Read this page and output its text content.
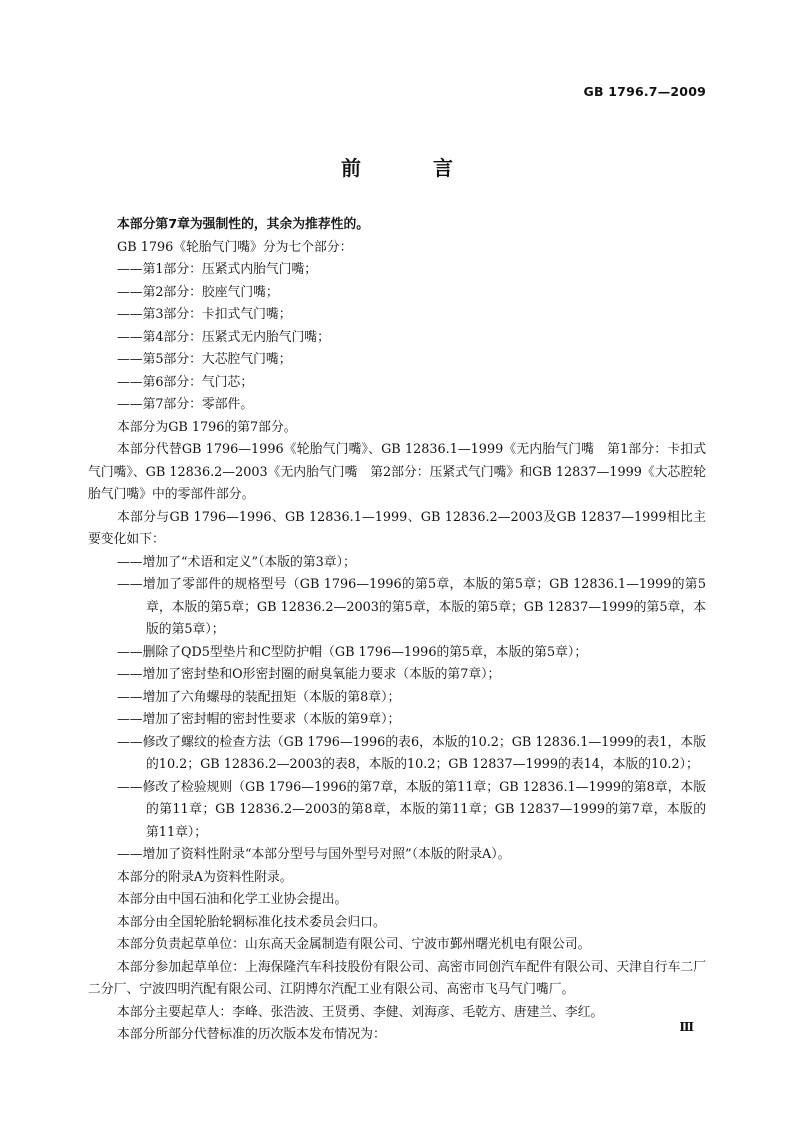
GB 1796.7—2009
前　言

本部分第7章为强制性的，其余为推荐性的。

GB 1796《轮胎气门嘴》分为七个部分：

——第1部分：压紧式内胎气门嘴；

——第2部分：胶座气门嘴；

——第3部分：卡扣式气门嘴；

——第4部分：压紧式无内胎气门嘴；

——第5部分：大芯腔气门嘴；

——第6部分：气门芯；

——第7部分：零部件。

本部分为GB 1796的第7部分。

本部分代替GB 1796—1996《轮胎气门嘴》、GB 12836.1—1999《无内胎气门嘴　第1部分：卡扣式气门嘴》、GB 12836.2—2003《无内胎气门嘴　第2部分：压紧式气门嘴》和GB 12837—1999《大芯腔轮胎气门嘴》中的零部件部分。

本部分与GB 1796—1996、GB 12836.1—1999、GB 12836.2—2003及GB 12837—1999相比主要变化如下：

——增加了“术语和定义”（本版的第3章）；

——增加了零部件的规格型号（GB 1796—1996的第5章，本版的第5章；GB 12836.1—1999的第5章，本版的第5章；GB 12836.2—2003的第5章，本版的第5章；GB 12837—1999的第5章，本版的第5章）；

——删除了QD5型垫片和C型防护帽（GB 1796—1996的第5章，本版的第5章）；

——增加了密封垫和O形密封圈的耐臭氧能力要求（本版的第7章）；

——增加了六角螺母的装配扭矩（本版的第8章）；

——增加了密封帽的密封性要求（本版的第9章）；

——修改了螺纹的检查方法（GB 1796—1996的表6，本版的10.2；GB 12836.1—1999的表1，本版的10.2；GB 12836.2—2003的表8，本版的10.2；GB 12837—1999的表14，本版的10.2）；

——修改了检验规则（GB 1796—1996的第7章，本版的第11章；GB 12836.1—1999的第8章，本版的第11章；GB 12836.2—2003的第8章，本版的第11章；GB 12837—1999的第7章，本版的第11章）；

——增加了资料性附录“本部分型号与国外型号对照”（本版的附录A）。

本部分的附录A为资料性附录。

本部分由中国石油和化学工业协会提出。

本部分由全国轮胎轮辋标准化技术委员会归口。

本部分负责起草单位：山东高天金属制造有限公司、宁波市鄞州曙光机电有限公司。

本部分参加起草单位：上海保隆汽车科技股份有限公司、高密市同创汽车配件有限公司、天津自行车二厂二分厂、宁波四明汽配有限公司、江阴博尔汽配工业有限公司、高密市飞马气门嘴厂。

本部分主要起草人：李峰、张浩波、王贤勇、李健、刘海彦、毛乾方、唐建兰、李红。

本部分所部分代替标准的历次版本发布情况为：	Ⅲ
